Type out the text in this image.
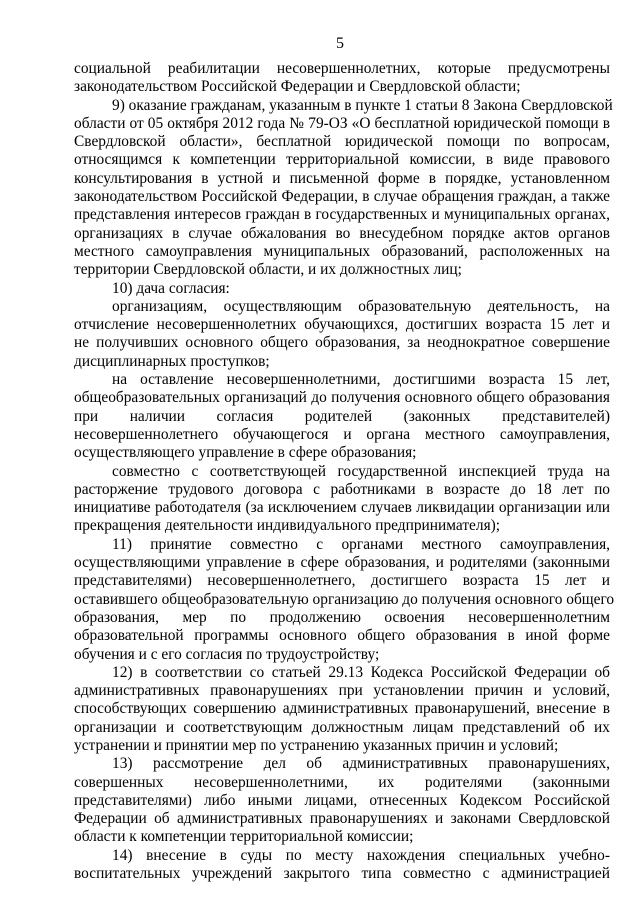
5
социальной реабилитации несовершеннолетних, которые предусмотрены
законодательством Российской Федерации и Свердловской области;
9) оказание гражданам, указанным в пункте 1 статьи 8 Закона Свердловской
области от 05 октября 2012 года № 79-ОЗ «О бесплатной юридической помощи в
Свердловской области», бесплатной юридической помощи по вопросам,
относящимся к компетенции территориальной комиссии, в виде правового
консультирования в устной и письменной форме в порядке, установленном
законодательством Российской Федерации, в случае обращения граждан, а также
представления интересов граждан в государственных и муниципальных органах,
организациях в случае обжалования во внесудебном порядке актов органов
местного самоуправления муниципальных образований, расположенных на
территории Свердловской области, и их должностных лиц;
10) дача согласия:
организациям, осуществляющим образовательную деятельность, на
отчисление несовершеннолетних обучающихся, достигших возраста 15 лет и
не получивших основного общего образования, за неоднократное совершение
дисциплинарных проступков;
на оставление несовершеннолетними, достигшими возраста 15 лет,
общеобразовательных организаций до получения основного общего образования
при наличии согласия родителей (законных представителей)
несовершеннолетнего обучающегося и органа местного самоуправления,
осуществляющего управление в сфере образования;
совместно с соответствующей государственной инспекцией труда на
расторжение трудового договора с работниками в возрасте до 18 лет по
инициативе работодателя (за исключением случаев ликвидации организации или
прекращения деятельности индивидуального предпринимателя);
11) принятие совместно с органами местного самоуправления,
осуществляющими управление в сфере образования, и родителями (законными
представителями) несовершеннолетнего, достигшего возраста 15 лет и
оставившего общеобразовательную организацию до получения основного общего
образования, мер по продолжению освоения несовершеннолетним
образовательной программы основного общего образования в иной форме
обучения и с его согласия по трудоустройству;
12) в соответствии со статьей 29.13 Кодекса Российской Федерации об
административных правонарушениях при установлении причин и условий,
способствующих совершению административных правонарушений, внесение в
организации и соответствующим должностным лицам представлений об их
устранении и принятии мер по устранению указанных причин и условий;
13) рассмотрение дел об административных правонарушениях,
совершенных несовершеннолетними, их родителями (законными
представителями) либо иными лицами, отнесенных Кодексом Российской
Федерации об административных правонарушениях и законами Свердловской
области к компетенции территориальной комиссии;
14) внесение в суды по месту нахождения специальных учебно-
воспитательных учреждений закрытого типа совместно с администрацией
